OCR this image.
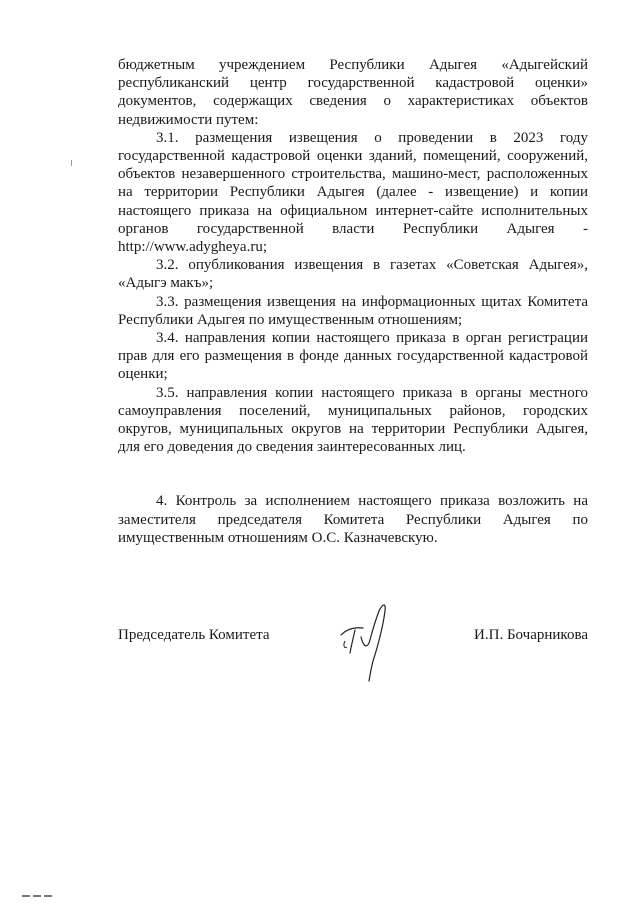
бюджетным учреждением Республики Адыгея «Адыгейский
республиканский центр государственной кадастровой оценки»
документов, содержащих сведения о характеристиках объектов
недвижимости путем:

3.1. размещения извещения о проведении в 2023 году государственной кадастровой оценки зданий, помещений, сооружений, объектов незавершенного строительства, машино-мест, расположенных на территории Республики Адыгея (далее - извещение) и копии настоящего приказа на официальном интернет-сайте исполнительных органов государственной власти Республики Адыгея - http://www.adygheya.ru;

3.2. опубликования извещения в газетах «Советская Адыгея», «Адыгэ макъ»;

3.3. размещения извещения на информационных щитах Комитета Республики Адыгея по имущественным отношениям;

3.4. направления копии настоящего приказа в орган регистрации прав для его размещения в фонде данных государственной кадастровой оценки;

3.5. направления копии настоящего приказа в органы местного самоуправления поселений, муниципальных районов, городских округов, муниципальных округов на территории Республики Адыгея, для его доведения до сведения заинтересованных лиц.

4. Контроль за исполнением настоящего приказа возложить на заместителя председателя Комитета Республики Адыгея по имущественным отношениям О.С. Казначевскую.

Председатель Комитета	И.П. Бочарникова
